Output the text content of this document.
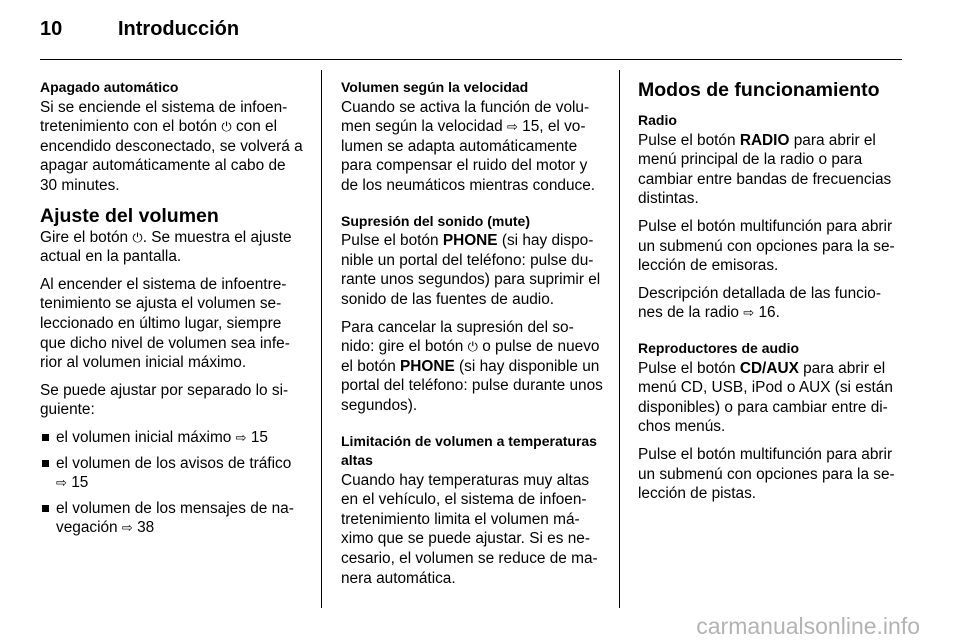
10	Introducción
Apagado automático

Si se enciende el sistema de infoen-tretenimiento con el botón ⏻ con el encendido desconectado, se volverá a apagar automáticamente al cabo de 30 minutes.

Ajuste del volumen

Gire el botón ⏻. Se muestra el ajuste actual en la pantalla.

Al encender el sistema de infoentre-tenimiento se ajusta el volumen se-leccionado en último lugar, siempre que dicho nivel de volumen sea infe-rior al volumen inicial máximo.

Se puede ajustar por separado lo si-guiente:

el volumen inicial máximo ⇨ 15
el volumen de los avisos de tráfico ⇨ 15
el volumen de los mensajes de na-vegación ⇨ 38
Volumen según la velocidad

Cuando se activa la función de volu-men según la velocidad ⇨ 15, el vo-lumen se adapta automáticamente para compensar el ruido del motor y de los neumáticos mientras conduce.

Supresión del sonido (mute)

Pulse el botón PHONE (si hay dispo-nible un portal del teléfono: pulse du-rante unos segundos) para suprimir el sonido de las fuentes de audio.

Para cancelar la supresión del so-nido: gire el botón ⏻ o pulse de nuevo el botón PHONE (si hay disponible un portal del teléfono: pulse durante unos segundos).

Limitación de volumen a temperaturas altas

Cuando hay temperaturas muy altas en el vehículo, el sistema de infoen-tretenimiento limita el volumen má-ximo que se puede ajustar. Si es ne-cesario, el volumen se reduce de ma-nera automática.

Modos de funcionamiento
Radio

Pulse el botón RADIO para abrir el menú principal de la radio o para cambiar entre bandas de frecuencias distintas.

Pulse el botón multifunción para abrir un submenú con opciones para la se-lección de emisoras.

Descripción detallada de las funcio-nes de la radio ⇨ 16.

Reproductores de audio

Pulse el botón CD/AUX para abrir el menú CD, USB, iPod o AUX (si están disponibles) o para cambiar entre di-chos menús.

Pulse el botón multifunción para abrir un submenú con opciones para la se-lección de pistas.

carmanualsonline.info
